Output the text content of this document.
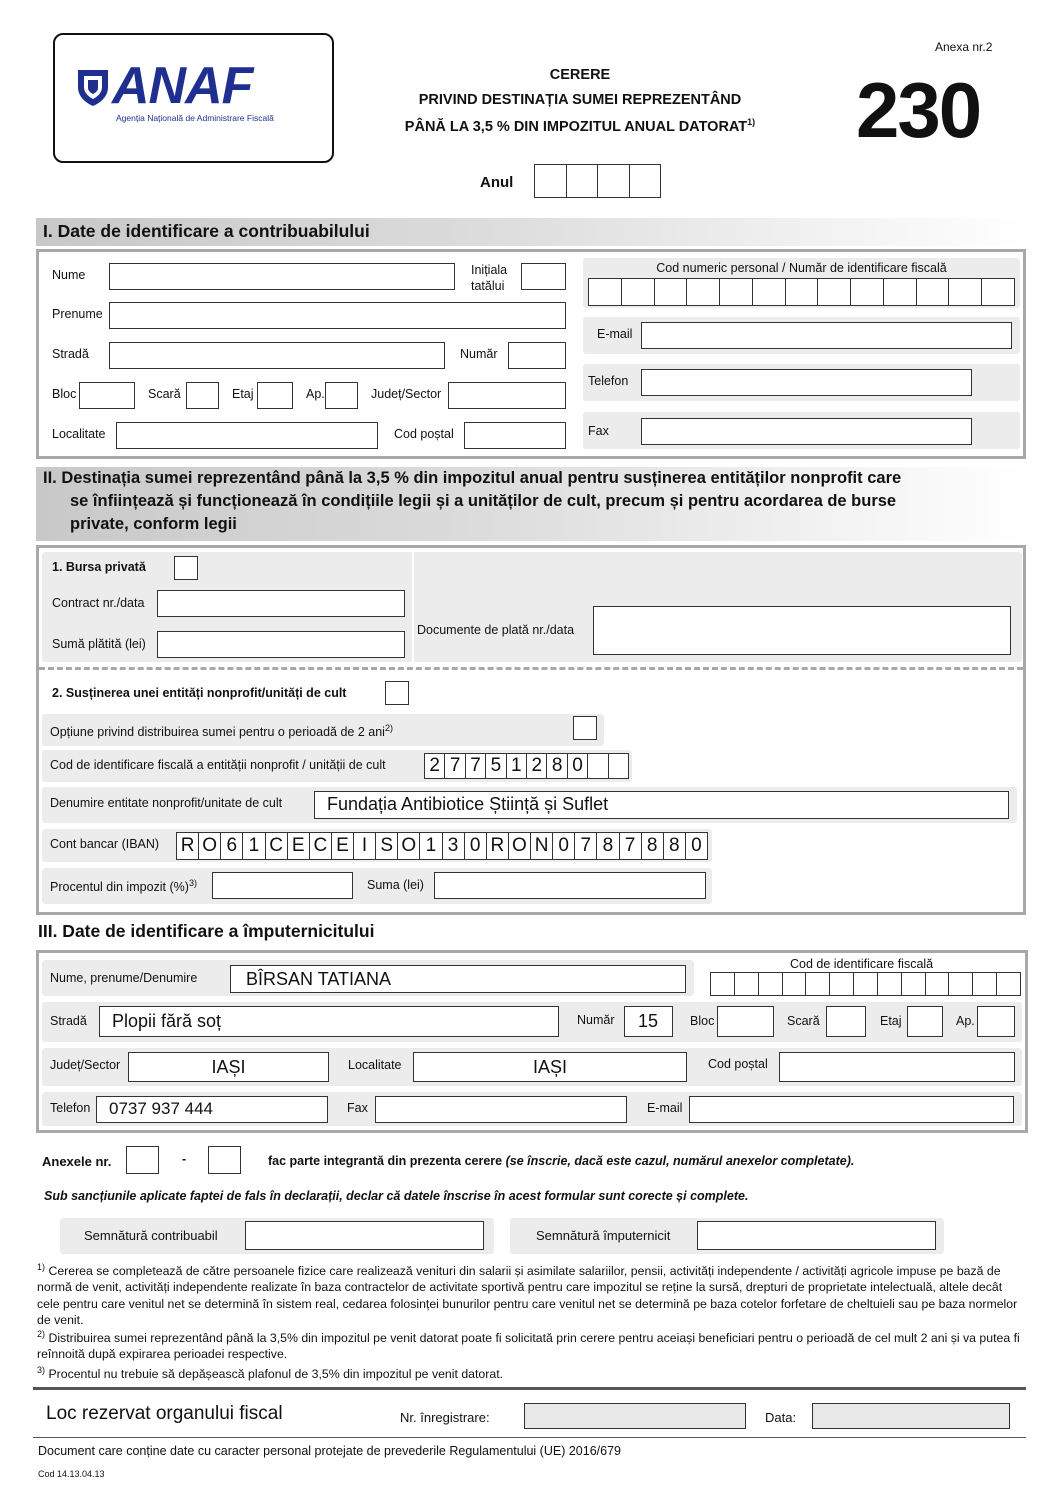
ANAF
Agenția Națională de Administrare Fiscală
CERERE
PRIVIND DESTINAȚIA SUMEI REPREZENTÂND
PÂNĂ LA 3,5 % DIN IMPOZITUL ANUAL DATORAT$^{1)}$
Anexa nr.2
230
Anul
I. Date de identificare a contribuabilului
Nume	Inițiala
tatălui
Prenume
Stradă	Număr
Bloc	Scară	Etaj	Ap.	Județ/Sector
Localitate	Cod poștal
Cod numeric personal / Număr de identificare fiscală
E-mail
Telefon
Fax
II. Destinația sumei reprezentând până la 3,5 % din impozitul anual pentru susținerea entităților nonprofit care
se înființează și funcționează în condițiile legii și a unităților de cult, precum și pentru acordarea de burse
private, conform legii
1. Bursa privată
Contract nr./data
Sumă plătită (lei)
Documente de plată nr./data
2. Susținerea unei entități nonprofit/unități de cult
Opțiune privind distribuirea sumei pentru o perioadă de 2 ani$^{2)}$
Cod de identificare fiscală a entității nonprofit / unității de cult 2 7 7 5 1 2 8 0
Denumire entitate nonprofit/unitate de cult Fundația Antibiotice Știință și Suflet
Cont bancar (IBAN) R O 6 1 C E C E I S O 1 3 0 R O N 0 7 8 7 8 8 0
Procentul din impozit (%)$^{3)}$	Suma (lei)
III. Date de identificare a împuternicitului
Nume, prenume/Denumire	BÎRSAN TATIANA
Cod de identificare fiscală
Stradă Plopii fără soț	Număr 15	Bloc	Scară	Etaj	Ap.
Județ/Sector	IAȘI	Localitate	IAȘI	Cod poștal
Telefon 0737 937 444	Fax	E-mail
Anexele nr.	-	fac parte integrantă din prezenta cerere (se înscrie, dacă este cazul, numărul anexelor completate).
Sub sancțiunile aplicate faptei de fals în declarații, declar că datele înscrise în acest formular sunt corecte și complete.
Semnătură contribuabil	Semnătură împuternicit
$^{1)}$ Cererea se completează de către persoanele fizice care realizează venituri din salarii și asimilate salariilor, pensii, activități independente / activități agricole impuse pe bază de normă de venit, activități independente realizate în baza contractelor de activitate sportivă pentru care impozitul se reține la sursă, drepturi de proprietate intelectuală, altele decât cele pentru care venitul net se determină în sistem real, cedarea folosinței bunurilor pentru care venitul net se determină pe baza cotelor forfetare de cheltuieli sau pe baza normelor de venit.
$^{2)}$ Distribuirea sumei reprezentând până la 3,5% din impozitul pe venit datorat poate fi solicitată prin cerere pentru aceiași beneficiari pentru o perioadă de cel mult 2 ani și va putea fi reînnoită după expirarea perioadei respective.
$^{3)}$ Procentul nu trebuie să depășească plafonul de 3,5% din impozitul pe venit datorat.
Loc rezervat organului fiscal	Nr. înregistrare:	Data:
Document care conține date cu caracter personal protejate de prevederile Regulamentului (UE) 2016/679
Cod 14.13.04.13
